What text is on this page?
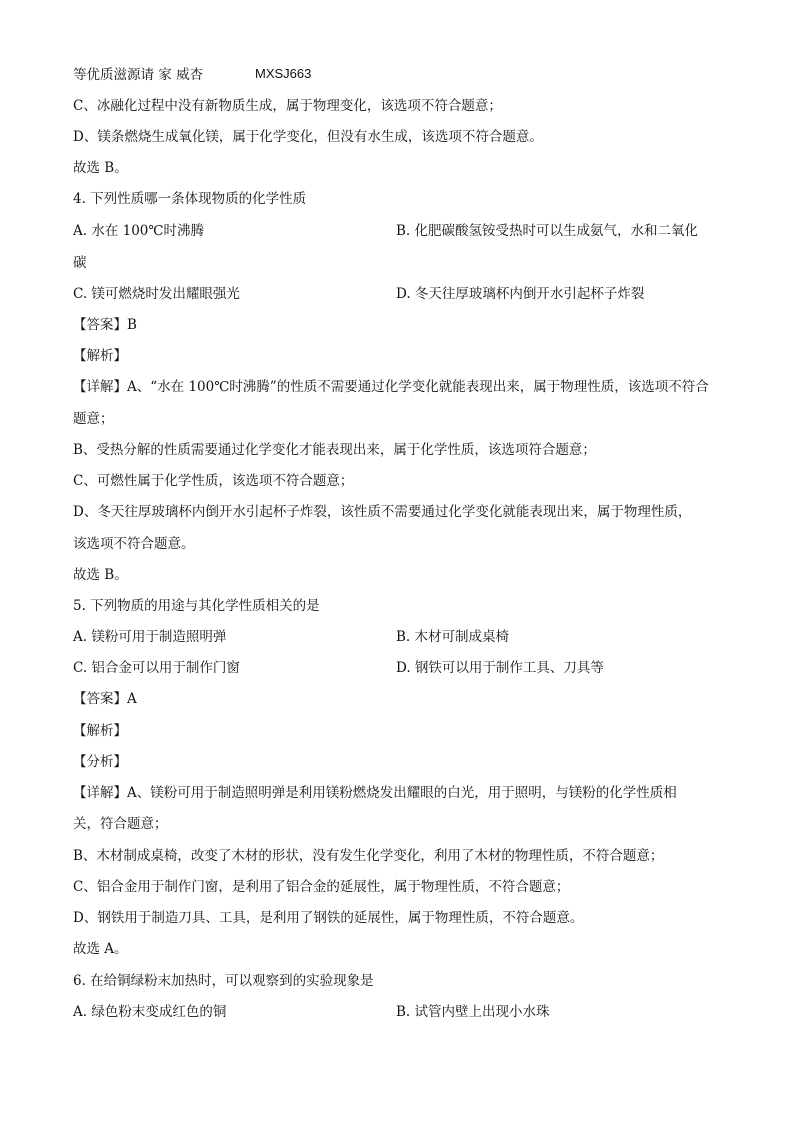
等优质滋源请 家 威杏	MXSJ663
C、冰融化过程中没有新物质生成，属于物理变化，该选项不符合题意；
D、镁条燃烧生成氧化镁，属于化学变化，但没有水生成，该选项不符合题意。
故选 B。
4. 下列性质哪一条体现物质的化学性质
A. 水在 100℃时沸腾	B. 化肥碳酸氢铵受热时可以生成氨气，水和二氧化
碳
C. 镁可燃烧时发出耀眼强光	D. 冬天往厚玻璃杯内倒开水引起杯子炸裂
【答案】B
【解析】
【详解】A、“水在 100℃时沸腾”的性质不需要通过化学变化就能表现出来，属于物理性质，该选项不符合
题意；
B、受热分解的性质需要通过化学变化才能表现出来，属于化学性质，该选项符合题意；
C、可燃性属于化学性质，该选项不符合题意；
D、冬天往厚玻璃杯内倒开水引起杯子炸裂，该性质不需要通过化学变化就能表现出来，属于物理性质，
该选项不符合题意。
故选 B。
5. 下列物质的用途与其化学性质相关的是
A. 镁粉可用于制造照明弹	B. 木材可制成桌椅
C. 铝合金可以用于制作门窗	D. 钢铁可以用于制作工具、刀具等
【答案】A
【解析】
【分析】
【详解】A、镁粉可用于制造照明弹是利用镁粉燃烧发出耀眼的白光，用于照明，与镁粉的化学性质相
关，符合题意；
B、木材制成桌椅，改变了木材的形状，没有发生化学变化，利用了木材的物理性质，不符合题意；
C、铝合金用于制作门窗，是利用了铝合金的延展性，属于物理性质，不符合题意；
D、钢铁用于制造刀具、工具，是利用了钢铁的延展性，属于物理性质，不符合题意。
故选 A。
6. 在给铜绿粉末加热时，可以观察到的实验现象是
A. 绿色粉末变成红色的铜	B. 试管内壁上出现小水珠
